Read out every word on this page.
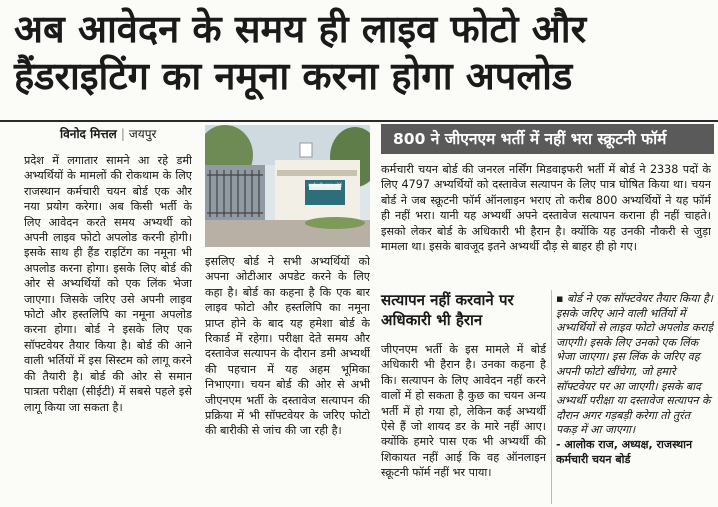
अब आवेदन के समय ही लाइव फोटो और
हैंडराइटिंग का नमूना करना होगा अपलोड
विनोद मित्तल | जयपुर
प्रदेश में लगातार सामने आ रहे डमी अभ्यर्थियों के मामलों की रोकथाम के लिए राजस्थान कर्मचारी चयन बोर्ड एक और नया प्रयोग करेगा। अब किसी भर्ती के लिए आवेदन करते समय अभ्यर्थी को अपनी लाइव फोटो अपलोड करनी होगी। इसके साथ ही हैंड राइटिंग का नमूना भी अपलोड करना होगा। इसके लिए बोर्ड की ओर से अभ्यर्थियों को एक लिंक भेजा जाएगा। जिसके जरिए उसे अपनी लाइव फोटो और हस्तलिपि का नमूना अपलोड करना होगा। बोर्ड ने इसके लिए एक सॉफ्टवेयर तैयार किया है। बोर्ड की आने वाली भर्तियों में इस सिस्टम को लागू करने की तैयारी है। बोर्ड की ओर से समान पात्रता परीक्षा (सीईटी) में सबसे पहले इसे लागू किया जा सकता है।
कर्मचारी चयन बोर्ड
इसलिए बोर्ड ने सभी अभ्यर्थियों को अपना ओटीआर अपडेट करने के लिए कहा है। बोर्ड का कहना है कि एक बार लाइव फोटो और हस्तलिपि का नमूना प्राप्त होने के बाद यह हमेशा बोर्ड के रिकार्ड में रहेगा। परीक्षा देते समय और दस्तावेज सत्यापन के दौरान डमी अभ्यर्थी की पहचान में यह अहम भूमिका निभाएगा। चयन बोर्ड की ओर से अभी जीएनएम भर्ती के दस्तावेज सत्यापन की प्रक्रिया में भी सॉफ्टवेयर के जरिए फोटो की बारीकी से जांच की जा रही है।
800 ने जीएनएम भर्ती में नहीं भरा स्क्रूटनी फॉर्म
कर्मचारी चयन बोर्ड की जनरल नर्सिंग मिडवाइफरी भर्ती में बोर्ड ने 2338 पदों के लिए 4797 अभ्यर्थियों को दस्तावेज सत्यापन के लिए पात्र घोषित किया था। चयन बोर्ड ने जब स्क्रूटनी फॉर्म ऑनलाइन भराए तो करीब 800 अभ्यर्थियों ने यह फॉर्म ही नहीं भरा। यानी यह अभ्यर्थी अपने दस्तावेज सत्यापन कराना ही नहीं चाहते। इसको लेकर बोर्ड के अधिकारी भी हैरान है। क्योंकि यह उनकी नौकरी से जुड़ा मामला था। इसके बावजूद इतने अभ्यर्थी दौड़ से बाहर ही हो गए।
सत्यापन नहीं करवाने पर अधिकारी भी हैरान
जीएनएम भर्ती के इस मामले में बोर्ड अधिकारी भी हैरान है। उनका कहना है कि। सत्यापन के लिए आवेदन नहीं करने वालों में हो सकता है कुछ का चयन अन्य भर्ती में हो गया हो, लेकिन कई अभ्यर्थी ऐसे हैं जो शायद डर के मारे नहीं आए। क्योंकि हमारे पास एक भी अभ्यर्थी की शिकायत नहीं आई कि वह ऑनलाइन स्क्रूटनी फॉर्म नहीं भर पाया।
▪ बोर्ड ने एक सॉफ्टवेयर तैयार किया है। इसके जरिए आने वाली भर्तियों में अभ्यर्थियों से लाइव फोटो अपलोड कराई जाएगी। इसके लिए उनको एक लिंक भेजा जाएगा। इस लिंक के जरिए वह अपनी फोटो खींचेगा, जो हमारे सॉफ्टवेयर पर आ जाएगी। इसके बाद अभ्यर्थी परीक्षा या दस्तावेज सत्यापन के दौरान अगर गड़बड़ी करेगा तो तुरंत पकड़ में आ जाएगा।
- आलोक राज, अध्यक्ष, राजस्थान कर्मचारी चयन बोर्ड
